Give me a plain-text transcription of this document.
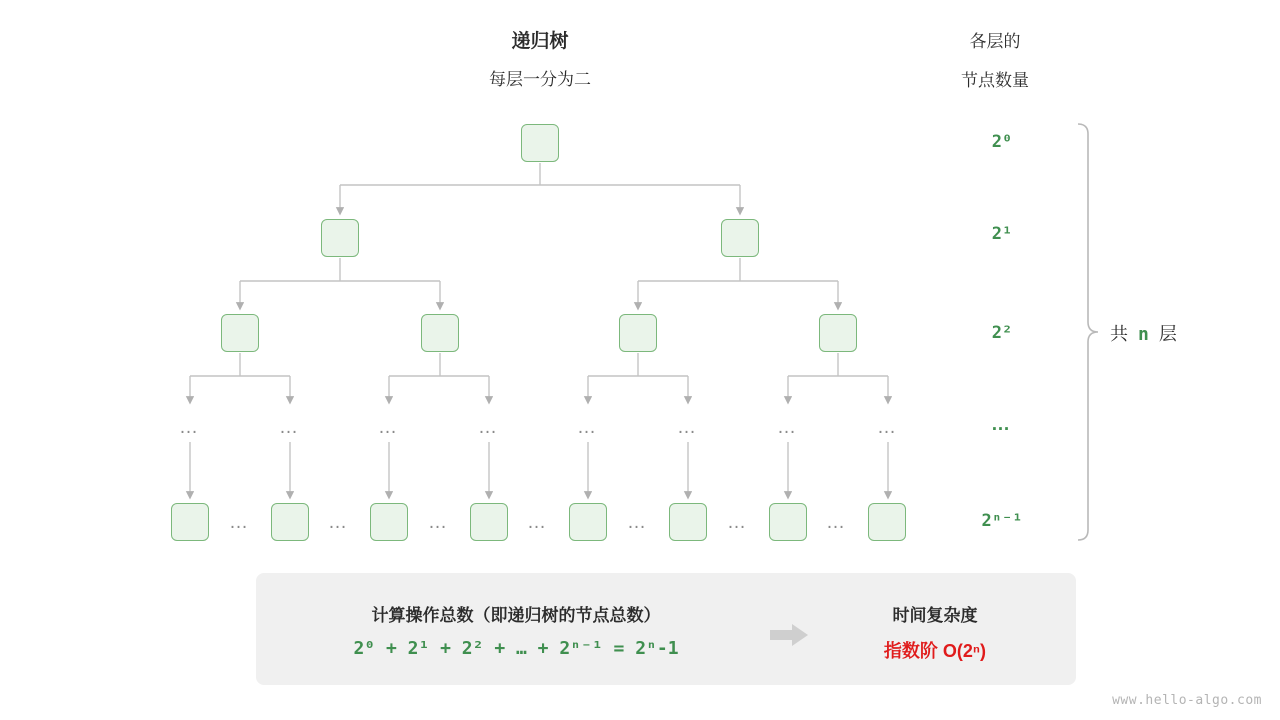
递归树
每层一分为二
各层的
节点数量
…	…	…	…	…	…	…	…
…	…	…	…	…	…	…
2⁰
2¹
2²
…
2ⁿ⁻¹
共 n 层
计算操作总数（即递归树的节点总数）
2⁰ + 2¹ + 2² + … + 2ⁿ⁻¹ = 2ⁿ-1
时间复杂度
指数阶 O(2ⁿ)
www.hello-algo.com
